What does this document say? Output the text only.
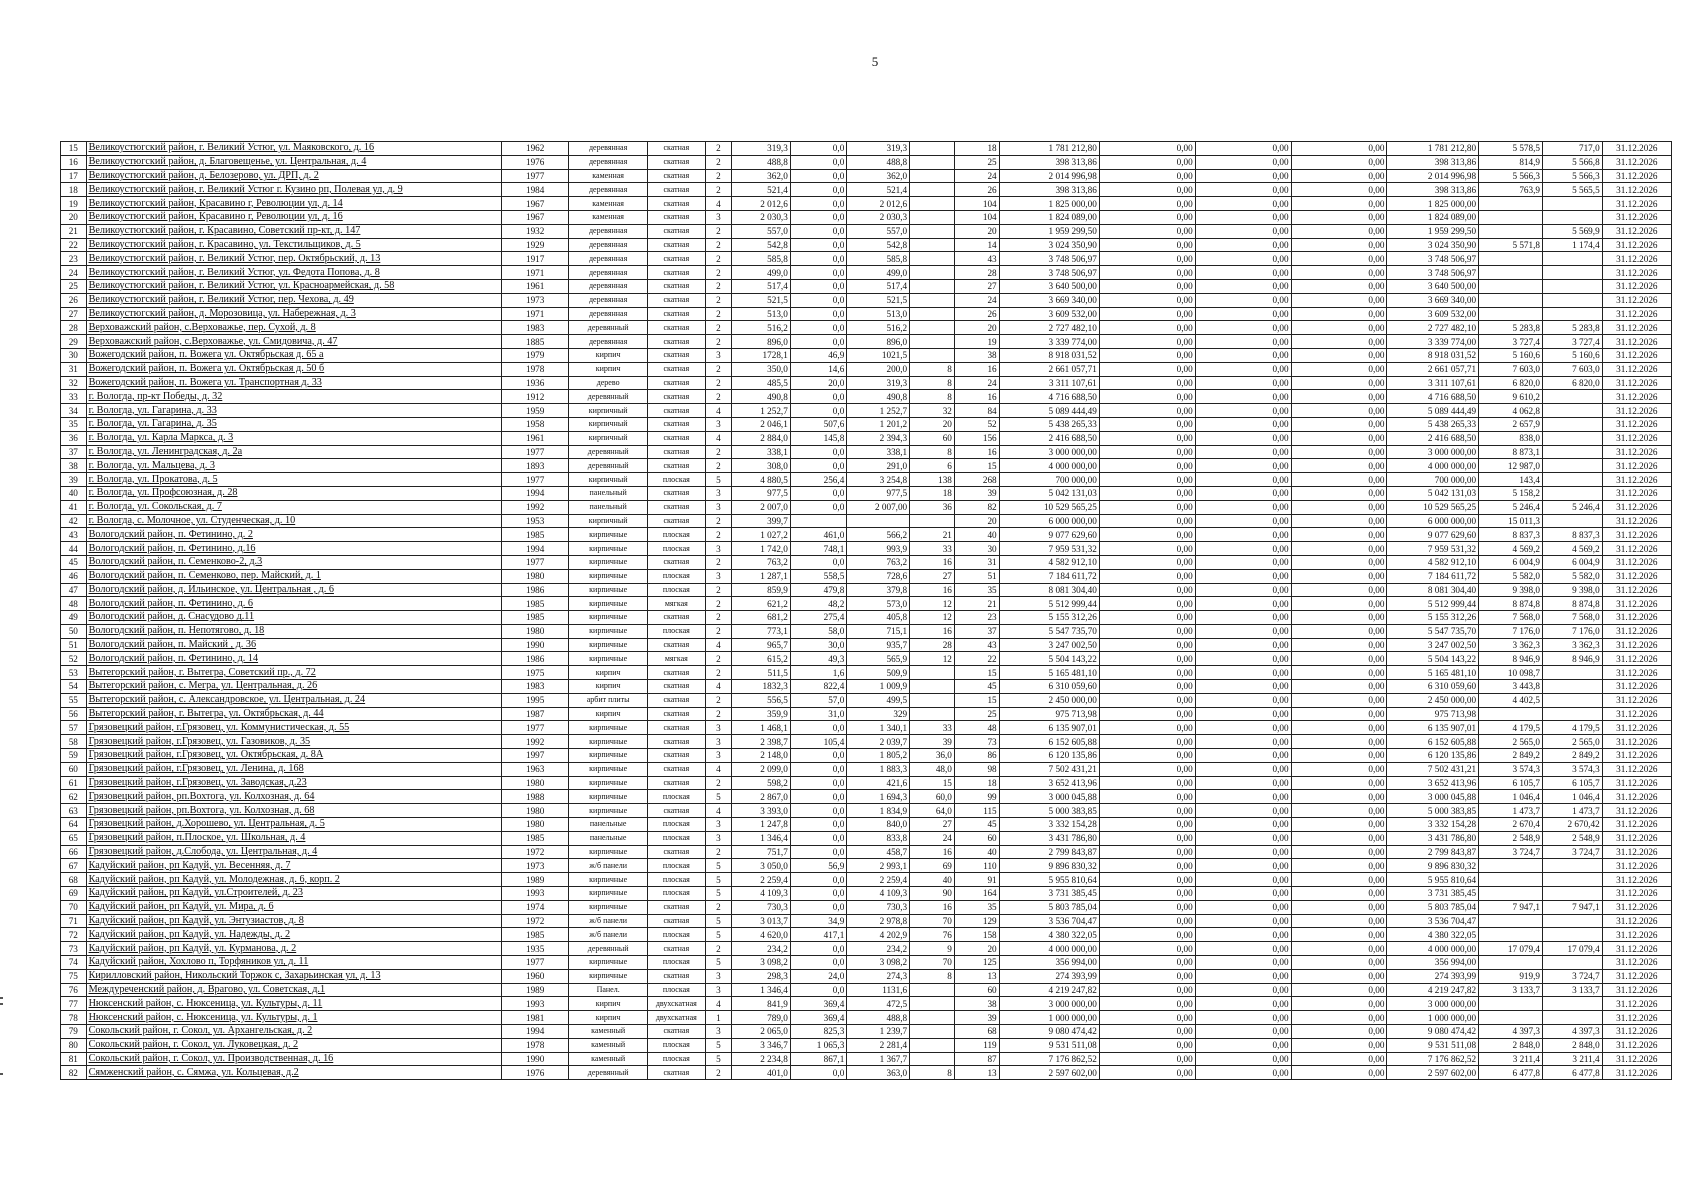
5
15	Великоустюгский район, г. Великий Устюг, ул. Маяковского, д. 16	1962	деревянная	скатная	2	319,3	0,0	319,3		18	1 781 212,80	0,00	0,00	0,00	1 781 212,80	5 578,5	717,0	31.12.2026
16	Великоустюгский район, д. Благовещенье, ул. Центральная, д. 4	1976	деревянная	скатная	2	488,8	0,0	488,8		25	398 313,86	0,00	0,00	0,00	398 313,86	814,9	5 566,8	31.12.2026
17	Великоустюгский район, д. Белозерово, ул. ДРП, д. 2	1977	каменная	скатная	2	362,0	0,0	362,0		24	2 014 996,98	0,00	0,00	0,00	2 014 996,98	5 566,3	5 566,3	31.12.2026
18	Великоустюгский район, г. Великий Устюг г. Кузино рп, Полевая ул, д. 9	1984	деревянная	скатная	2	521,4	0,0	521,4		26	398 313,86	0,00	0,00	0,00	398 313,86	763,9	5 565,5	31.12.2026
19	Великоустюгский район, Красавино г, Революции ул, д. 14	1967	каменная	скатная	4	2 012,6	0,0	2 012,6		104	1 825 000,00	0,00	0,00	0,00	1 825 000,00			31.12.2026
20	Великоустюгский район, Красавино г, Революции ул, д. 16	1967	каменная	скатная	3	2 030,3	0,0	2 030,3		104	1 824 089,00	0,00	0,00	0,00	1 824 089,00			31.12.2026
21	Великоустюгский район, г. Красавино, Советский пр-кт, д. 147	1932	деревянная	скатная	2	557,0	0,0	557,0		20	1 959 299,50	0,00	0,00	0,00	1 959 299,50		5 569,9	31.12.2026
22	Великоустюгский район, г. Красавино, ул. Текстильщиков, д. 5	1929	деревянная	скатная	2	542,8	0,0	542,8		14	3 024 350,90	0,00	0,00	0,00	3 024 350,90	5 571,8	1 174,4	31.12.2026
23	Великоустюгский район, г. Великий Устюг, пер. Октябрьский, д. 13	1917	деревянная	скатная	2	585,8	0,0	585,8		43	3 748 506,97	0,00	0,00	0,00	3 748 506,97			31.12.2026
24	Великоустюгский район, г. Великий Устюг, ул. Федота Попова, д. 8	1971	деревянная	скатная	2	499,0	0,0	499,0		28	3 748 506,97	0,00	0,00	0,00	3 748 506,97			31.12.2026
25	Великоустюгский район, г. Великий Устюг, ул. Красноармейская, д. 58	1961	деревянная	скатная	2	517,4	0,0	517,4		27	3 640 500,00	0,00	0,00	0,00	3 640 500,00			31.12.2026
26	Великоустюгский район, г. Великий Устюг, пер. Чехова, д. 49	1973	деревянная	скатная	2	521,5	0,0	521,5		24	3 669 340,00	0,00	0,00	0,00	3 669 340,00			31.12.2026
27	Великоустюгский район, д. Морозовица, ул. Набережная, д. 3	1971	деревянная	скатная	2	513,0	0,0	513,0		26	3 609 532,00	0,00	0,00	0,00	3 609 532,00			31.12.2026
28	Верховажский район, с.Верховажье, пер. Сухой, д. 8	1983	деревянный	скатная	2	516,2	0,0	516,2		20	2 727 482,10	0,00	0,00	0,00	2 727 482,10	5 283,8	5 283,8	31.12.2026
29	Верховажский район, с.Верховажье, ул. Смидовича, д. 47	1885	деревянная	скатная	2	896,0	0,0	896,0		19	3 339 774,00	0,00	0,00	0,00	3 339 774,00	3 727,4	3 727,4	31.12.2026
30	Вожегодский район, п. Вожега ул. Октябрьская д. 65 а	1979	кирпич	скатная	3	1728,1	46,9	1021,5		38	8 918 031,52	0,00	0,00	0,00	8 918 031,52	5 160,6	5 160,6	31.12.2026
31	Вожегодский район, п. Вожега ул. Октябрьская д. 50 б	1978	кирпич	скатная	2	350,0	14,6	200,0	8	16	2 661 057,71	0,00	0,00	0,00	2 661 057,71	7 603,0	7 603,0	31.12.2026
32	Вожегодский район, п. Вожега ул. Транспортная д. 33	1936	дерево	скатная	2	485,5	20,0	319,3	8	24	3 311 107,61	0,00	0,00	0,00	3 311 107,61	6 820,0	6 820,0	31.12.2026
33	г. Вологда, пр-кт Победы, д. 32	1912	деревянный	скатная	2	490,8	0,0	490,8	8	16	4 716 688,50	0,00	0,00	0,00	4 716 688,50	9 610,2		31.12.2026
34	г. Вологда, ул. Гагарина, д. 33	1959	кирпичный	скатная	4	1 252,7	0,0	1 252,7	32	84	5 089 444,49	0,00	0,00	0,00	5 089 444,49	4 062,8		31.12.2026
35	г. Вологда, ул. Гагарина, д. 35	1958	кирпичный	скатная	3	2 046,1	507,6	1 201,2	20	52	5 438 265,33	0,00	0,00	0,00	5 438 265,33	2 657,9		31.12.2026
36	г. Вологда, ул. Карла Маркса, д. 3	1961	кирпичный	скатная	4	2 884,0	145,8	2 394,3	60	156	2 416 688,50	0,00	0,00	0,00	2 416 688,50	838,0		31.12.2026
37	г. Вологда, ул. Ленинградская, д. 2а	1977	деревянный	скатная	2	338,1	0,0	338,1	8	16	3 000 000,00	0,00	0,00	0,00	3 000 000,00	8 873,1		31.12.2026
38	г. Вологда, ул. Мальцева, д. 3	1893	деревянный	скатная	2	308,0	0,0	291,0	6	15	4 000 000,00	0,00	0,00	0,00	4 000 000,00	12 987,0		31.12.2026
39	г. Вологда, ул. Прокатова, д. 5	1977	кирпичный	плоская	5	4 880,5	256,4	3 254,8	138	268	700 000,00	0,00	0,00	0,00	700 000,00	143,4		31.12.2026
40	г. Вологда, ул. Профсоюзная, д. 28	1994	панельный	скатная	3	977,5	0,0	977,5	18	39	5 042 131,03	0,00	0,00	0,00	5 042 131,03	5 158,2		31.12.2026
41	г. Вологда, ул. Сокольская, д. 7	1992	панельный	скатная	3	2 007,0	0,0	2 007,00	36	82	10 529 565,25	0,00	0,00	0,00	10 529 565,25	5 246,4	5 246,4	31.12.2026
42	г. Вологда, с. Молочное, ул. Студенческая, д. 10	1953	кирпичный	скатная	2	399,7				20	6 000 000,00	0,00	0,00	0,00	6 000 000,00	15 011,3		31.12.2026
43	Вологодский район, п. Фетинино, д. 2	1985	кирпичные	плоская	2	1 027,2	461,0	566,2	21	40	9 077 629,60	0,00	0,00	0,00	9 077 629,60	8 837,3	8 837,3	31.12.2026
44	Вологодский район, п. Фетинино, д.16	1994	кирпичные	плоская	3	1 742,0	748,1	993,9	33	30	7 959 531,32	0,00	0,00	0,00	7 959 531,32	4 569,2	4 569,2	31.12.2026
45	Вологодский район, п. Семенково-2, д.3	1977	кирпичные	скатная	2	763,2	0,0	763,2	16	31	4 582 912,10	0,00	0,00	0,00	4 582 912,10	6 004,9	6 004,9	31.12.2026
46	Вологодский район, п. Семенково, пер. Майский, д. 1	1980	кирпичные	плоская	3	1 287,1	558,5	728,6	27	51	7 184 611,72	0,00	0,00	0,00	7 184 611,72	5 582,0	5 582,0	31.12.2026
47	Вологодский район, д. Ильинское, ул. Центральная , д. 6	1986	кирпичные	плоская	2	859,9	479,8	379,8	16	35	8 081 304,40	0,00	0,00	0,00	8 081 304,40	9 398,0	9 398,0	31.12.2026
48	Вологодский район, п. Фетинино, д. 6	1985	кирпичные	мягкая	2	621,2	48,2	573,0	12	21	5 512 999,44	0,00	0,00	0,00	5 512 999,44	8 874,8	8 874,8	31.12.2026
49	Вологодский район, д. Снасудово д.11	1985	кирпичные	скатная	2	681,2	275,4	405,8	12	23	5 155 312,26	0,00	0,00	0,00	5 155 312,26	7 568,0	7 568,0	31.12.2026
50	Вологодский район, п. Непотягово, д. 18	1980	кирпичные	плоская	2	773,1	58,0	715,1	16	37	5 547 735,70	0,00	0,00	0,00	5 547 735,70	7 176,0	7 176,0	31.12.2026
51	Вологодский район, п. Майский , д. 36	1990	кирпичные	скатная	4	965,7	30,0	935,7	28	43	3 247 002,50	0,00	0,00	0,00	3 247 002,50	3 362,3	3 362,3	31.12.2026
52	Вологодский район, п. Фетинино, д. 14	1986	кирпичные	мягкая	2	615,2	49,3	565,9	12	22	5 504 143,22	0,00	0,00	0,00	5 504 143,22	8 946,9	8 946,9	31.12.2026
53	Вытегорский район, г. Вытегра, Советский пр., д. 72	1975	кирпич	скатная	2	511,5	1,6	509,9		15	5 165 481,10	0,00	0,00	0,00	5 165 481,10	10 098,7		31.12.2026
54	Вытегорский район, с. Мегра, ул. Центральная, д. 26	1983	кирпич	скатная	4	1832,3	822,4	1 009,9		45	6 310 059,60	0,00	0,00	0,00	6 310 059,60	3 443,8		31.12.2026
55	Вытегорский район, с. Александровское, ул. Центральная, д. 24	1995	арбит плиты	скатная	2	556,5	57,0	499,5		15	2 450 000,00	0,00	0,00	0,00	2 450 000,00	4 402,5		31.12.2026
56	Вытегорский район, г. Вытегра, ул. Октябрьская, д. 44	1987	кирпич	скатная	2	359,9	31,0	329		25	975 713,98	0,00	0,00	0,00	975 713,98			31.12.2026
57	Грязовецкий район, г.Грязовец, ул. Коммунистическая, д. 55	1977	кирпичные	скатная	3	1 468,1	0,0	1 340,1	33	48	6 135 907,01	0,00	0,00	0,00	6 135 907,01	4 179,5	4 179,5	31.12.2026
58	Грязовецкий район, г.Грязовец, ул. Газовиков, д. 35	1992	кирпичные	скатная	3	2 398,7	105,4	2 039,7	39	73	6 152 605,88	0,00	0,00	0,00	6 152 605,88	2 565,0	2 565,0	31.12.2026
59	Грязовецкий район, г.Грязовец, ул. Октябрьская, д. 8А	1997	кирпичные	скатная	3	2 148,0	0,0	1 805,2	36,0	86	6 120 135,86	0,00	0,00	0,00	6 120 135,86	2 849,2	2 849,2	31.12.2026
60	Грязовецкий район, г.Грязовец, ул. Ленина, д. 168	1963	кирпичные	скатная	4	2 099,0	0,0	1 883,3	48,0	98	7 502 431,21	0,00	0,00	0,00	7 502 431,21	3 574,3	3 574,3	31.12.2026
61	Грязовецкий район, г.Грязовец, ул. Заводская, д.23	1980	кирпичные	скатная	2	598,2	0,0	421,6	15	18	3 652 413,96	0,00	0,00	0,00	3 652 413,96	6 105,7	6 105,7	31.12.2026
62	Грязовецкий район, рп.Вохтога, ул. Колхозная, д. 64	1988	кирпичные	плоская	5	2 867,0	0,0	1 694,3	60,0	99	3 000 045,88	0,00	0,00	0,00	3 000 045,88	1 046,4	1 046,4	31.12.2026
63	Грязовецкий район, рп.Вохтога, ул. Колхозная, д. 68	1980	кирпичные	скатная	4	3 393,0	0,0	1 834,9	64,0	115	5 000 383,85	0,00	0,00	0,00	5 000 383,85	1 473,7	1 473,7	31.12.2026
64	Грязовецкий район, д.Хорошево, ул. Центральная, д. 5	1980	панельные	плоская	3	1 247,8	0,0	840,0	27	45	3 332 154,28	0,00	0,00	0,00	3 332 154,28	2 670,4	2 670,42	31.12.2026
65	Грязовецкий район, п.Плоское, ул. Школьная, д. 4	1985	панельные	плоская	3	1 346,4	0,0	833,8	24	60	3 431 786,80	0,00	0,00	0,00	3 431 786,80	2 548,9	2 548,9	31.12.2026
66	Грязовецкий район, д.Слобода, ул. Центральная, д. 4	1972	кирпичные	скатная	2	751,7	0,0	458,7	16	40	2 799 843,87	0,00	0,00	0,00	2 799 843,87	3 724,7	3 724,7	31.12.2026
67	Кадуйский район, рп Кадуй, ул. Весенняя, д. 7	1973	ж/б панели	плоская	5	3 050,0	56,9	2 993,1	69	110	9 896 830,32	0,00	0,00	0,00	9 896 830,32			31.12.2026
68	Кадуйский район, рп Кадуй, ул. Молодежная, д. 6, корп. 2	1989	кирпичные	плоская	5	2 259,4	0,0	2 259,4	40	91	5 955 810,64	0,00	0,00	0,00	5 955 810,64			31.12.2026
69	Кадуйский район, рп Кадуй, ул.Строителей, д. 23	1993	кирпичные	плоская	5	4 109,3	0,0	4 109,3	90	164	3 731 385,45	0,00	0,00	0,00	3 731 385,45			31.12.2026
70	Кадуйский район, рп Кадуй, ул. Мира, д. 6	1974	кирпичные	скатная	2	730,3	0,0	730,3	16	35	5 803 785,04	0,00	0,00	0,00	5 803 785,04	7 947,1	7 947,1	31.12.2026
71	Кадуйский район, рп Кадуй, ул. Энтузиастов, д. 8	1972	ж/б панели	скатная	5	3 013,7	34,9	2 978,8	70	129	3 536 704,47	0,00	0,00	0,00	3 536 704,47			31.12.2026
72	Кадуйский район, рп Кадуй, ул. Надежды, д. 2	1985	ж/б панели	плоская	5	4 620,0	417,1	4 202,9	76	158	4 380 322,05	0,00	0,00	0,00	4 380 322,05			31.12.2026
73	Кадуйский район, рп Кадуй, ул. Курманова, д. 2	1935	деревянный	скатная	2	234,2	0,0	234,2	9	20	4 000 000,00	0,00	0,00	0,00	4 000 000,00	17 079,4	17 079,4	31.12.2026
74	Кадуйский район, Хохлово п, Торфяников ул, д. 11	1977	кирпичные	плоская	5	3 098,2	0,0	3 098,2	70	125	356 994,00	0,00	0,00	0,00	356 994,00			31.12.2026
75	Кирилловский район, Никольский Торжок с, Захарьинская ул, д. 13	1960	кирпичные	скатная	3	298,3	24,0	274,3	8	13	274 393,99	0,00	0,00	0,00	274 393,99	919,9	3 724,7	31.12.2026
76	Междуреченский район, д. Врагово, ул. Советская, д.1	1989	Панел.	плоская	3	1 346,4	0,0	1131,6		60	4 219 247,82	0,00	0,00	0,00	4 219 247,82	3 133,7	3 133,7	31.12.2026
77	Нюксенский район, с. Нюксеница, ул. Культуры, д. 11	1993	кирпич	двухскатная	4	841,9	369,4	472,5		38	3 000 000,00	0,00	0,00	0,00	3 000 000,00			31.12.2026
78	Нюксенский район, с. Нюксеница, ул. Культуры, д. 1	1981	кирпич	двухскатная	1	789,0	369,4	488,8		39	1 000 000,00	0,00	0,00	0,00	1 000 000,00			31.12.2026
79	Сокольский район, г. Сокол, ул. Архангельская, д. 2	1994	каменный	скатная	3	2 065,0	825,3	1 239,7		68	9 080 474,42	0,00	0,00	0,00	9 080 474,42	4 397,3	4 397,3	31.12.2026
80	Сокольский район, г. Сокол, ул. Луковецкая, д. 2	1978	каменный	плоская	5	3 346,7	1 065,3	2 281,4		119	9 531 511,08	0,00	0,00	0,00	9 531 511,08	2 848,0	2 848,0	31.12.2026
81	Сокольский район, г. Сокол, ул. Производственная, д. 16	1990	каменный	плоская	5	2 234,8	867,1	1 367,7		87	7 176 862,52	0,00	0,00	0,00	7 176 862,52	3 211,4	3 211,4	31.12.2026
82	Сямженский район, с. Сямжа, ул. Кольцевая, д.2	1976	деревянный	скатная	2	401,0	0,0	363,0	8	13	2 597 602,00	0,00	0,00	0,00	2 597 602,00	6 477,8	6 477,8	31.12.2026
